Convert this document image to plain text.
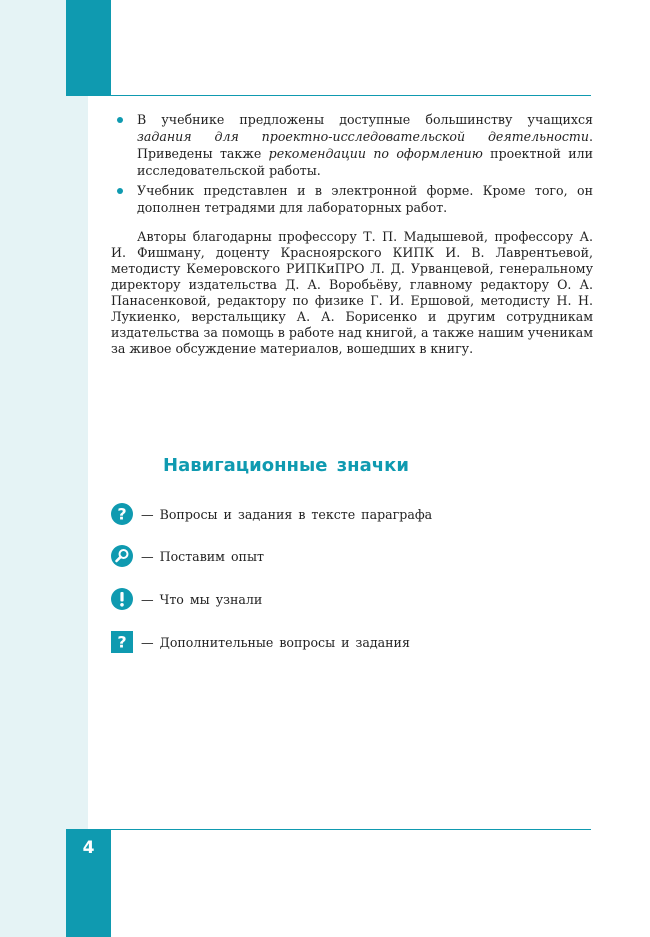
В учебнике предложены доступные большинству учащихся задания для проектно-исследовательской деятельности. Приведены также рекомендации по оформлению проектной или исследовательской работы.
Учебник представлен и в электронной форме. Кроме того, он дополнен тетрадями для лабораторных работ.

Авторы благодарны профессору Т. П. Мадышевой, профессору А. И. Фишману, доценту Красноярского КИПК И. В. Лаврентьевой, методисту Кемеровского РИПКиПРО Л. Д. Урванцевой, генеральному директору издательства Д. А. Воробьёву, главному редактору О. А. Панасенковой, редактору по физике Г. И. Ершовой, методисту Н. Н. Лукиенко, верстальщику А. А. Борисенко и другим сотрудникам издательства за помощь в работе над книгой, а также нашим ученикам за живое обсуждение материалов, вошедших в книгу.

Навигационные значки
? — Вопросы и задания в тексте параграфа
— Поставим опыт
— Что мы узнали
? — Дополнительные вопросы и задания
4
